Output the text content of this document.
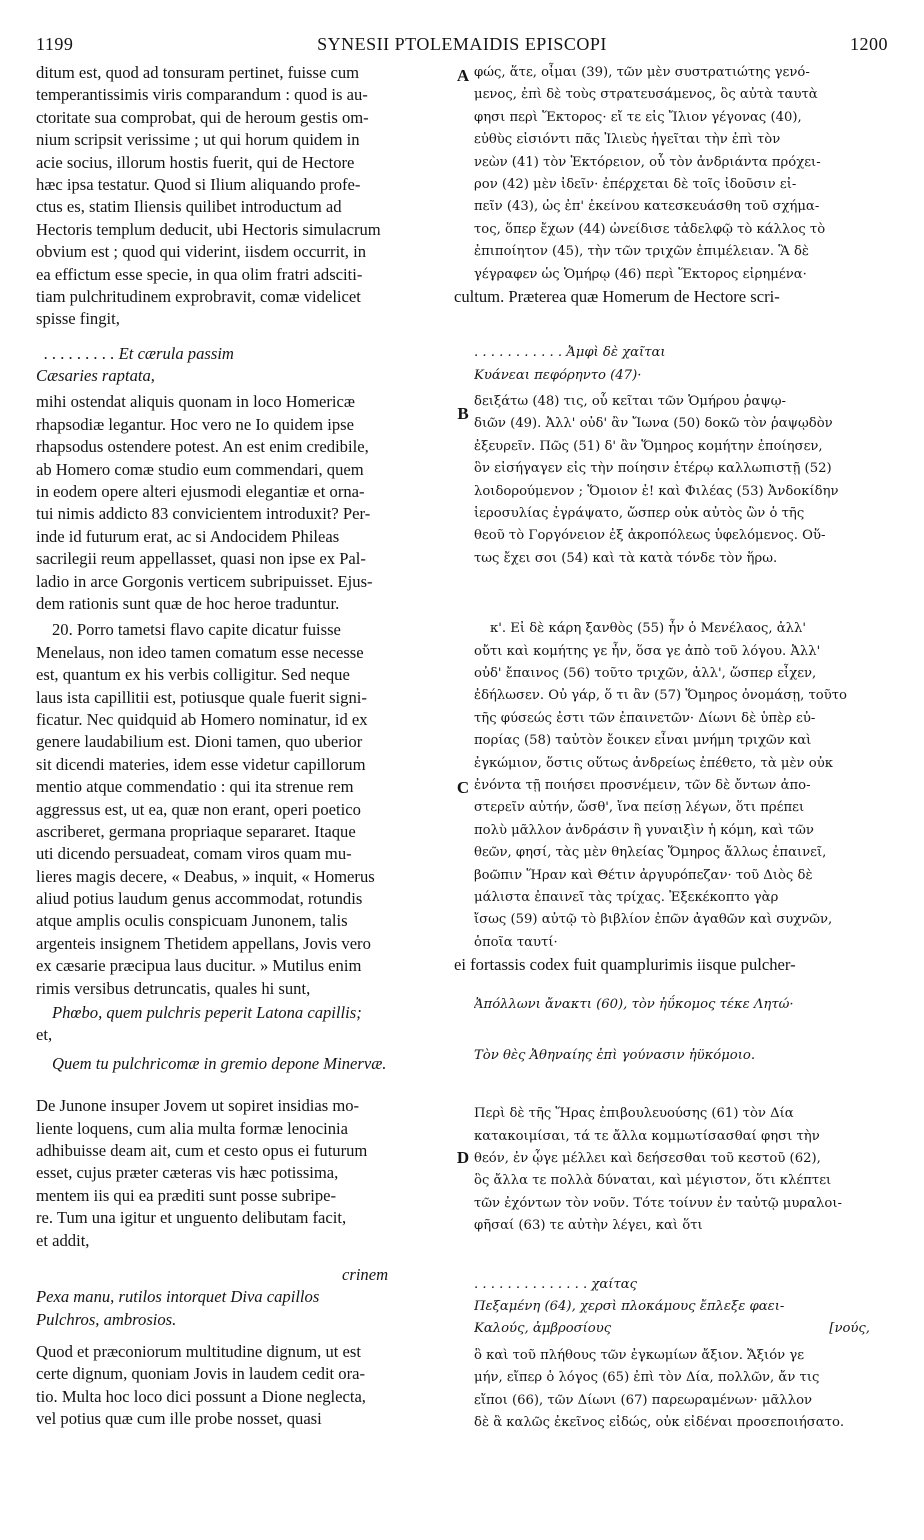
1199	SYNESII PTOLEMAIDIS EPISCOPI	1200
A
B
C
D
ditum est, quod ad tonsuram pertinet, fuisse cum
temperantissimis viris comparandum : quod is au-
ctoritate sua comprobat, qui de heroum gestis om-
nium scripsit verissime ; ut qui horum quidem in
acie socius, illorum hostis fuerit, qui de Hectore
hæc ipsa testatur. Quod si Ilium aliquando profe-
ctus es, statim Iliensis quilibet introductum ad
Hectoris templum deducit, ubi Hectoris simulacrum
obvium est ; quod qui viderint, iisdem occurrit, in
ea effictum esse specie, in qua olim fratri adsciti-
tiam pulchritudinem exprobravit, comæ videlicet
spisse fingit,
. . . . . . . . . Et cærula passim
Cæsaries raptata,
mihi ostendat aliquis quonam in loco Homericæ
rhapsodiæ legantur. Hoc vero ne Io quidem ipse
rhapsodus ostendere potest. An est enim credibile,
ab Homero comæ studio eum commendari, quem
in eodem opere alteri ejusmodi elegantiæ et orna-
tui nimis addicto 83 convicientem introduxit? Per-
inde id futurum erat, ac si Andocidem Phileas
sacrilegii reum appellasset, quasi non ipse ex Pal-
ladio in arce Gorgonis verticem subripuisset. Ejus-
dem rationis sunt quæ de hoc heroe traduntur.
20. Porro tametsi flavo capite dicatur fuisse
Menelaus, non ideo tamen comatum esse necesse
est, quantum ex his verbis colligitur. Sed neque
laus ista capillitii est, potiusque quale fuerit signi-
ficatur. Nec quidquid ab Homero nominatur, id ex
genere laudabilium est. Dioni tamen, quo uberior
sit dicendi materies, idem esse videtur capillorum
mentio atque commendatio : qui ita strenue rem
aggressus est, ut ea, quæ non erant, operi poetico
ascriberet, germana propriaque separaret. Itaque
uti dicendo persuadeat, comam viros quam mu-
lieres magis decere, « Deabus, » inquit, « Homerus
aliud potius laudum genus accommodat, rotundis
atque amplis oculis conspicuam Junonem, talis
argenteis insignem Thetidem appellans, Jovis vero
ex cæsarie præcipua laus ducitur. » Mutilus enim
rimis versibus detruncatis, quales hi sunt,
Phœbo, quem pulchris peperit Latona capillis;
et,
Quem tu pulchricomæ in gremio depone Minervæ.
De Junone insuper Jovem ut sopiret insidias mo-
liente loquens, cum alia multa formæ lenocinia
adhibuisse deam ait, cum et cesto opus ei futurum
esset, cujus præter cæteras vis hæc potissima,
mentem iis qui ea præditi sunt posse subripe-
re. Tum una igitur et unguento delibutam facit,
et addit,
crinem
Pexa manu, rutilos intorquet Diva capillos
Pulchros, ambrosios.
Quod et præconiorum multitudine dignum, ut est
certe dignum, quoniam Jovis in laudem cedit ora-
tio. Multa hoc loco dici possunt a Dione neglecta,
vel potius quæ cum ille probe nosset, quasi
φώς, ἅτε, οἶμαι (39), τῶν μὲν συστρατιώτης γενό-
μενος, ἐπὶ δὲ τοὺς στρατευσάμενος, ὃς αὐτὰ ταυτὰ
φησι περὶ Ἕκτορος· εἴ τε εἰς Ἴλιον γέγονας (40),
εὐθὺς εἰσιόντι πᾶς Ἰλιεὺς ἡγεῖται τὴν ἐπὶ τὸν
νεὼν (41) τὸν Ἑκτόρειον, οὗ τὸν ἀνδριάντα πρόχει-
ρον (42) μὲν ἰδεῖν· ἐπέρχεται δὲ τοῖς ἰδοῦσιν εἰ-
πεῖν (43), ὡς ἐπ' ἐκείνου κατεσκευάσθη τοῦ σχήμα-
τος, ὅπερ ἔχων (44) ὠνείδισε τἀδελφῷ τὸ κάλλος τὸ
ἐπιποίητον (45), τὴν τῶν τριχῶν ἐπιμέλειαν. Ἃ δὲ
γέγραφεν ὡς Ὁμήρῳ (46) περὶ Ἕκτορος εἰρημένα·
cultum. Præterea quæ Homerum de Hectore scri-
. . . . . . . . . . . Ἀμφὶ δὲ χαῖται
Κυάνεαι πεφόρηντο (47)·
δειξάτω (48) τις, οὗ κεῖται τῶν Ὁμήρου ῥαψῳ-
διῶν (49). Ἀλλ' οὐδ' ἂν Ἴωνα (50) δοκῶ τὸν ῥαψῳδὸν
ἐξευρεῖν. Πῶς (51) δ' ἂν Ὅμηρος κομήτην ἐποίησεν,
ὃν εἰσήγαγεν εἰς τὴν ποίησιν ἑτέρῳ καλλωπιστῇ (52)
λοιδορούμενον ; Ὅμοιον ἐ! καὶ Φιλέας (53) Ἀνδοκίδην
ἱεροσυλίας ἐγράψατο, ὥσπερ οὐκ αὐτὸς ὢν ὁ τῆς
θεοῦ τὸ Γοργόνειον ἐξ ἀκροπόλεως ὑφελόμενος. Οὕ-
τως ἔχει σοι (54) καὶ τὰ κατὰ τόνδε τὸν ἥρω.
κ'. Εἰ δὲ κάρη ξανθὸς (55) ἦν ὁ Μενέλαος, ἀλλ'
οὔτι καὶ κομήτης γε ἦν, ὅσα γε ἀπὸ τοῦ λόγου. Ἀλλ'
οὐδ' ἔπαινος (56) τοῦτο τριχῶν, ἀλλ', ὥσπερ εἶχεν,
ἐδήλωσεν. Οὐ γάρ, ὅ τι ἂν (57) Ὅμηρος ὀνομάσῃ, τοῦτο
τῆς φύσεώς ἐστι τῶν ἐπαινετῶν· Δίωνι δὲ ὑπὲρ εὐ-
πορίας (58) ταὐτὸν ἔοικεν εἶναι μνήμη τριχῶν καὶ
ἐγκώμιον, ὅστις οὕτως ἀνδρείως ἐπέθετο, τὰ μὲν οὐκ
ἐνόντα τῇ ποιήσει προσνέμειν, τῶν δὲ ὄντων ἀπο-
στερεῖν αὐτήν, ὥσθ', ἵνα πείσῃ λέγων, ὅτι πρέπει
πολὺ μᾶλλον ἀνδράσιν ἢ γυναιξὶν ἡ κόμη, καὶ τῶν
θεῶν, φησί, τὰς μὲν θηλείας Ὅμηρος ἄλλως ἐπαινεῖ,
βοῶπιν Ἥραν καὶ Θέτιν ἀργυρόπεζαν· τοῦ Διὸς δὲ
μάλιστα ἐπαινεῖ τὰς τρίχας. Ἐξεκέκοπτο γὰρ
ἴσως (59) αὐτῷ τὸ βιβλίον ἐπῶν ἀγαθῶν καὶ συχνῶν,
ὁποῖα ταυτί·
ei fortassis codex fuit quamplurimis iisque pulcher-
Ἀπόλλωνι ἄνακτι (60), τὸν ἠΰκομος τέκε Λητώ·
Τὸν θὲς Ἀθηναίης ἐπὶ γούνασιν ἠϋκόμοιο.
Περὶ δὲ τῆς Ἥρας ἐπιβουλευούσης (61) τὸν Δία
κατακοιμίσαι, τά τε ἄλλα κομμωτίσασθαί φησι τὴν
θεόν, ἐν ᾧγε μέλλει καὶ δεήσεσθαι τοῦ κεστοῦ (62),
ὃς ἄλλα τε πολλὰ δύναται, καὶ μέγιστον, ὅτι κλέπτει
τῶν ἐχόντων τὸν νοῦν. Τότε τοίνυν ἐν ταὐτῷ μυραλοι-
φῆσαί (63) τε αὐτὴν λέγει, καὶ ὅτι
. . . . . . . . . . . . . . χαίτας
Πεξαμένη (64), χερσὶ πλοκάμους ἔπλεξε φαει-
Καλούς, ἀμβροσίους	[νούς,
ὃ καὶ τοῦ πλήθους τῶν ἐγκωμίων ἄξιον. Ἄξιόν γε
μήν, εἴπερ ὁ λόγος (65) ἐπὶ τὸν Δία, πολλῶν, ἄν τις
εἴποι (66), τῶν Δίωνι (67) παρεωραμένων· μᾶλλον
δὲ ἃ καλῶς ἐκεῖνος εἰδώς, οὐκ εἰδέναι προσεποιήσατο.
